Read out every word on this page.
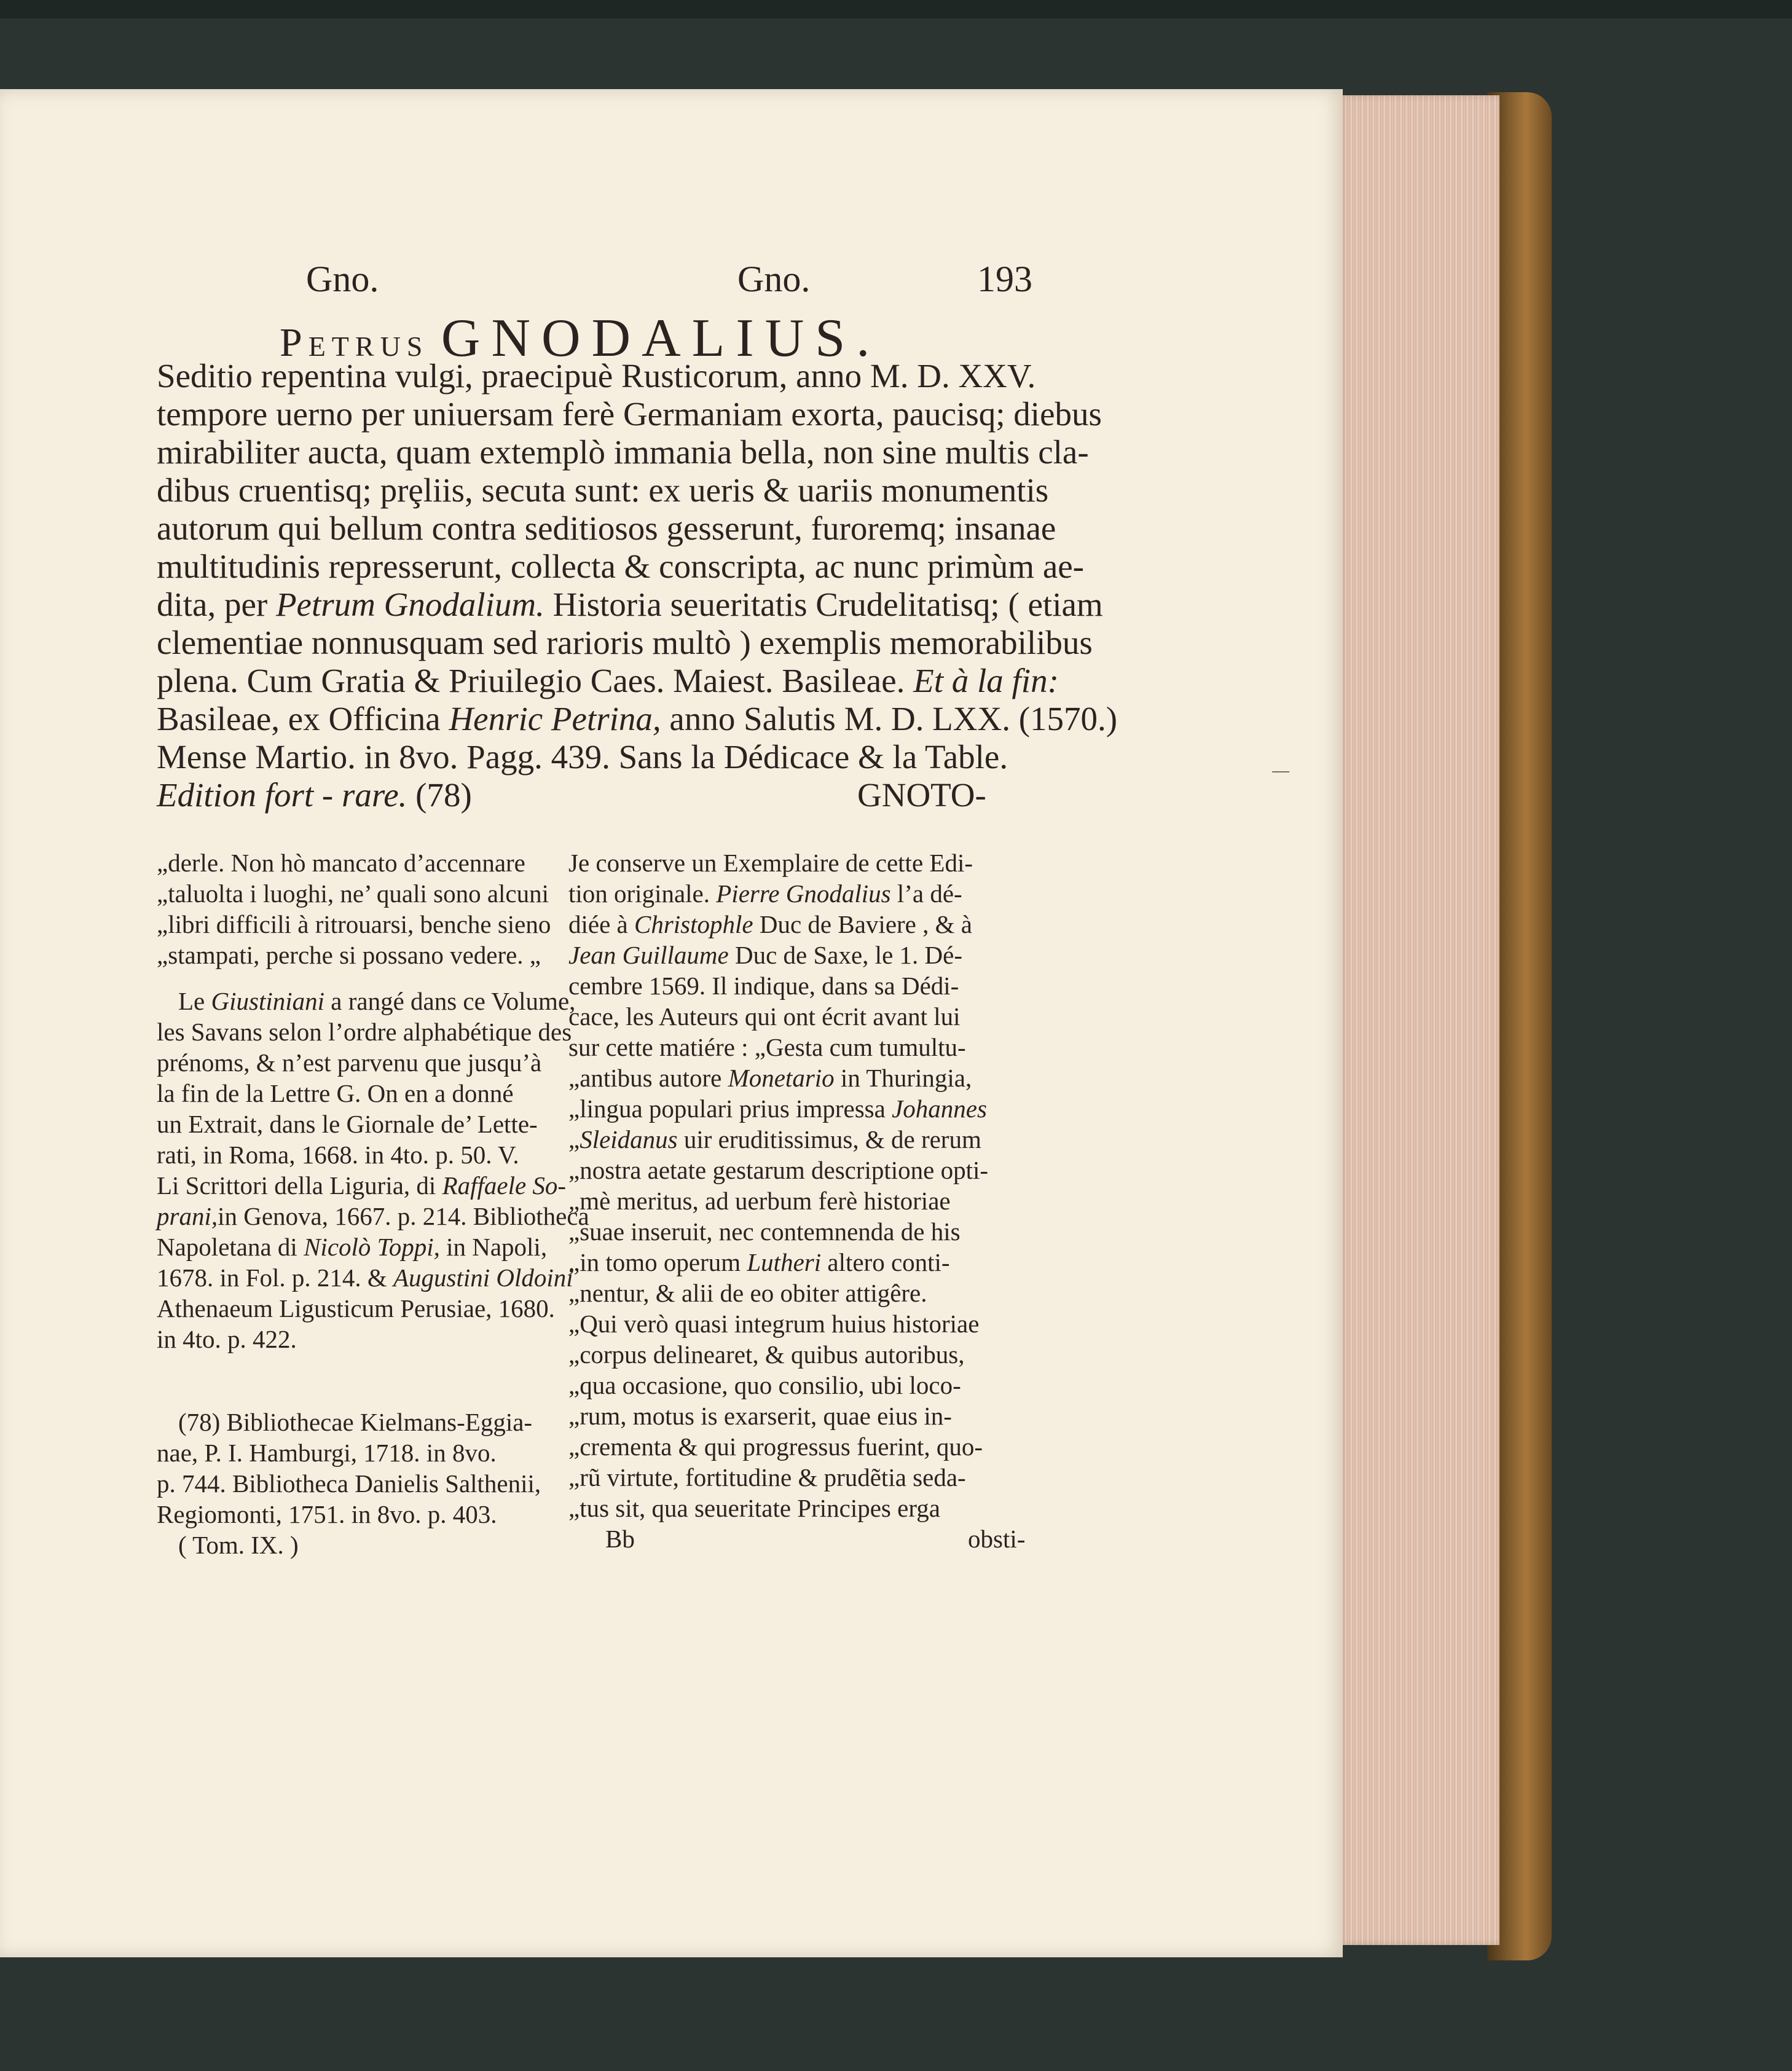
Gno.	Gno.	193
Petrus GNODALIUS.
Seditio repentina vulgi, praecipuè Rusticorum, anno M. D. XXV.
tempore uerno per uniuersam ferè Germaniam exorta, paucisq; diebus
mirabiliter aucta, quam extemplò immania bella, non sine multis cla-
dibus cruentisq; prȩliis, secuta sunt: ex ueris & uariis monumentis
autorum qui bellum contra seditiosos gesserunt, furoremq; insanae
multitudinis represserunt, collecta & conscripta, ac nunc primùm ae-
dita, per Petrum Gnodalium. Historia seueritatis Crudelitatisq; ( etiam
clementiae nonnusquam sed rarioris multò ) exemplis memorabilibus
plena. Cum Gratia & Priuilegio Caes. Maiest. Basileae. Et à la fin:
Basileae, ex Officina Henric Petrina, anno Salutis M. D. LXX. (1570.)
Mense Martio. in 8vo. Pagg. 439. Sans la Dédicace & la Table.
Edition fort - rare. (78)	GNOTO-
„derle. Non hò mancato d’accennare
„taluolta i luoghi, ne’ quali sono alcuni
„libri difficili à ritrouarsi, benche sieno
„stampati, perche si possano vedere. „
Le Giustiniani a rangé dans ce Volume,
les Savans selon l’ordre alphabétique des
prénoms, & n’est parvenu que jusqu’à
la fin de la Lettre G. On en a donné
un Extrait, dans le Giornale de’ Lette-
rati, in Roma, 1668. in 4to. p. 50. V.
Li Scrittori della Liguria, di Raffaele So-
prani,in Genova, 1667. p. 214. Bibliotheca
Napoletana di Nicolò Toppi, in Napoli,
1678. in Fol. p. 214. & Augustini Oldoini
Athenaeum Ligusticum Perusiae, 1680.
in 4to. p. 422.
(78) Bibliothecae Kielmans-Eggia-
nae, P. I. Hamburgi, 1718. in 8vo.
p. 744. Bibliotheca Danielis Salthenii,
Regiomonti, 1751. in 8vo. p. 403.
( Tom. IX. )
Je conserve un Exemplaire de cette Edi-
tion originale. Pierre Gnodalius l’a dé-
diée à Christophle Duc de Baviere , & à
Jean Guillaume Duc de Saxe, le 1. Dé-
cembre 1569. Il indique, dans sa Dédi-
cace, les Auteurs qui ont écrit avant lui
sur cette matiére : „Gesta cum tumultu-
„antibus autore Monetario in Thuringia,
„lingua populari prius impressa Johannes
„Sleidanus uir eruditissimus, & de rerum
„nostra aetate gestarum descriptione opti-
„mè meritus, ad uerbum ferè historiae
„suae inseruit, nec contemnenda de his
„in tomo operum Lutheri altero conti-
„nentur, & alii de eo obiter attigêre.
„Qui verò quasi integrum huius historiae
„corpus delinearet, & quibus autoribus,
„qua occasione, quo consilio, ubi loco-
„rum, motus is exarserit, quae eius in-
„crementa & qui progressus fuerint, quo-
„rũ virtute, fortitudine & prudẽtia seda-
„tus sit, qua seueritate Principes erga
Bb	obsti-
